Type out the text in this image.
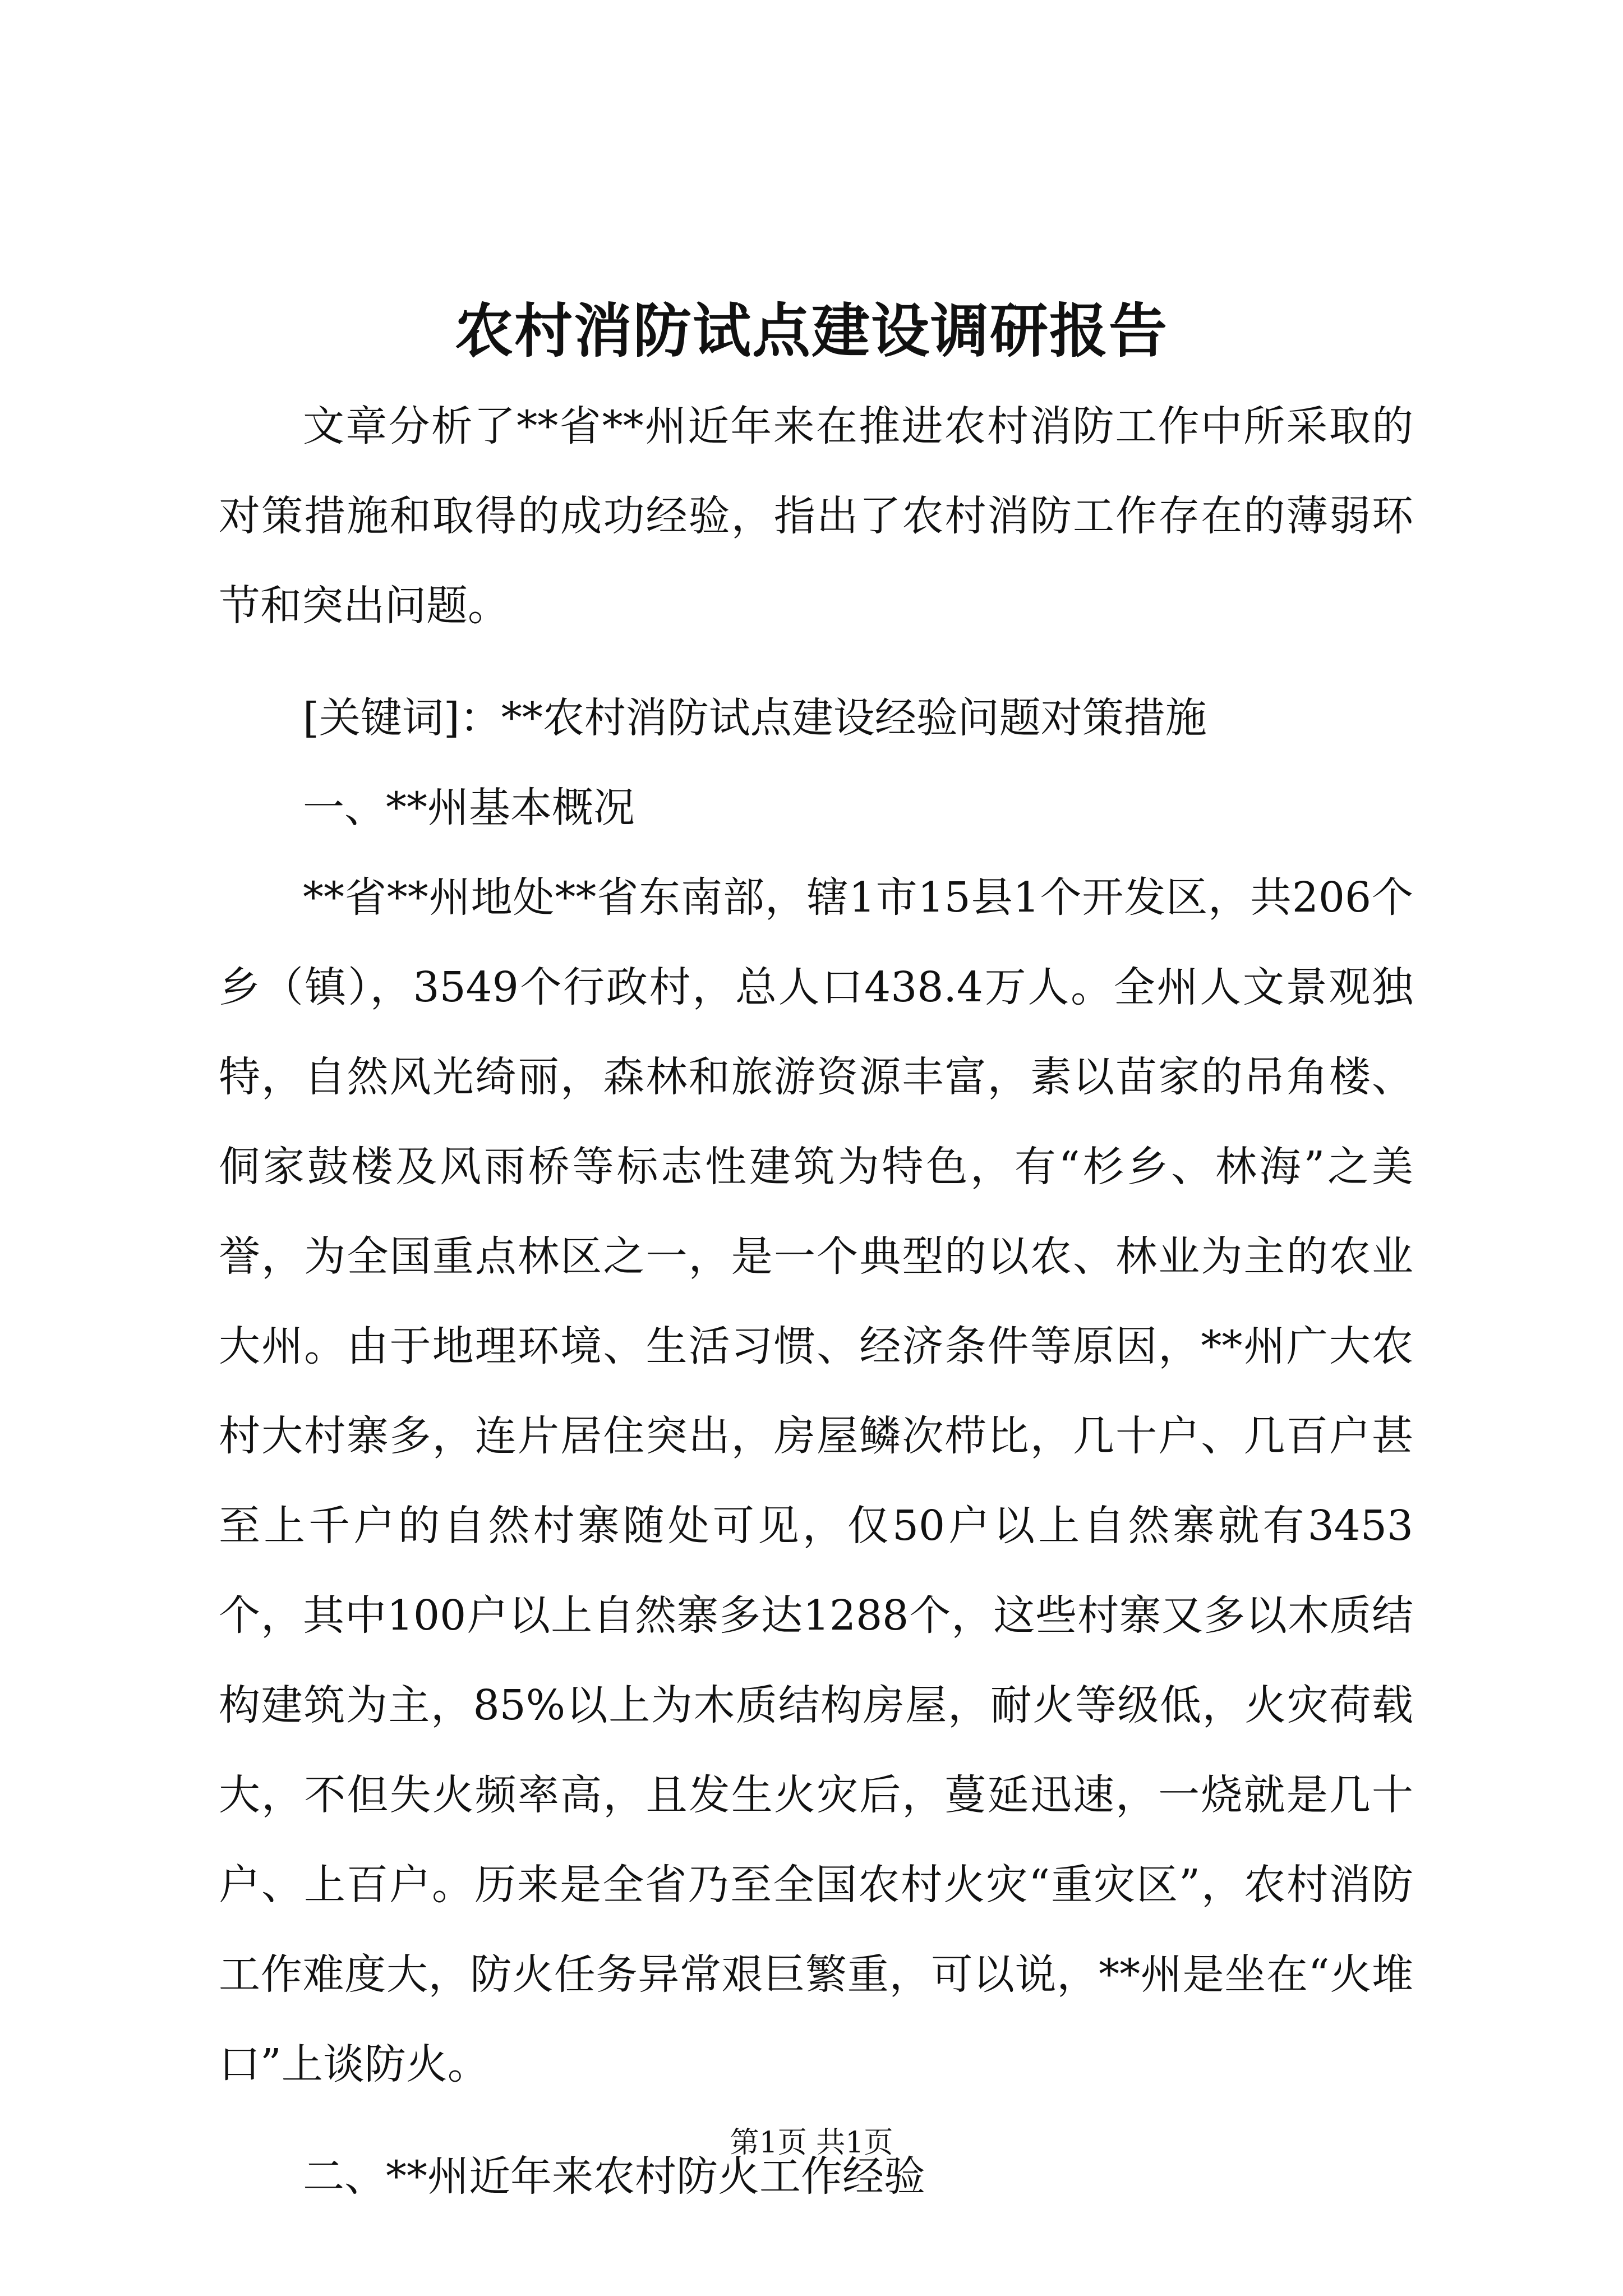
农村消防试点建设调研报告

文章分析了**省**州近年来在推进农村消防工作中所采取的对策措施和取得的成功经验，指出了农村消防工作存在的薄弱环节和突出问题。

[关键词]：**农村消防试点建设经验问题对策措施

一、**州基本概况

**省**州地处**省东南部，辖1市15县1个开发区，共206个乡（镇），3549个行政村，总人口438.4万人。全州人文景观独特，自然风光绮丽，森林和旅游资源丰富，素以苗家的吊角楼、侗家鼓楼及风雨桥等标志性建筑为特色，有“杉乡、林海”之美誉，为全国重点林区之一，是一个典型的以农、林业为主的农业大州。由于地理环境、生活习惯、经济条件等原因，**州广大农村大村寨多，连片居住突出，房屋鳞次栉比，几十户、几百户甚至上千户的自然村寨随处可见，仅50户以上自然寨就有3453个，其中100户以上自然寨多达1288个，这些村寨又多以木质结构建筑为主，85%以上为木质结构房屋，耐火等级低，火灾荷载大，不但失火频率高，且发生火灾后，蔓延迅速，一烧就是几十户、上百户。历来是全省乃至全国农村火灾“重灾区”，农村消防工作难度大，防火任务异常艰巨繁重，可以说，**州是坐在“火堆口”上谈防火。

二、**州近年来农村防火工作经验

第1页 共1页
